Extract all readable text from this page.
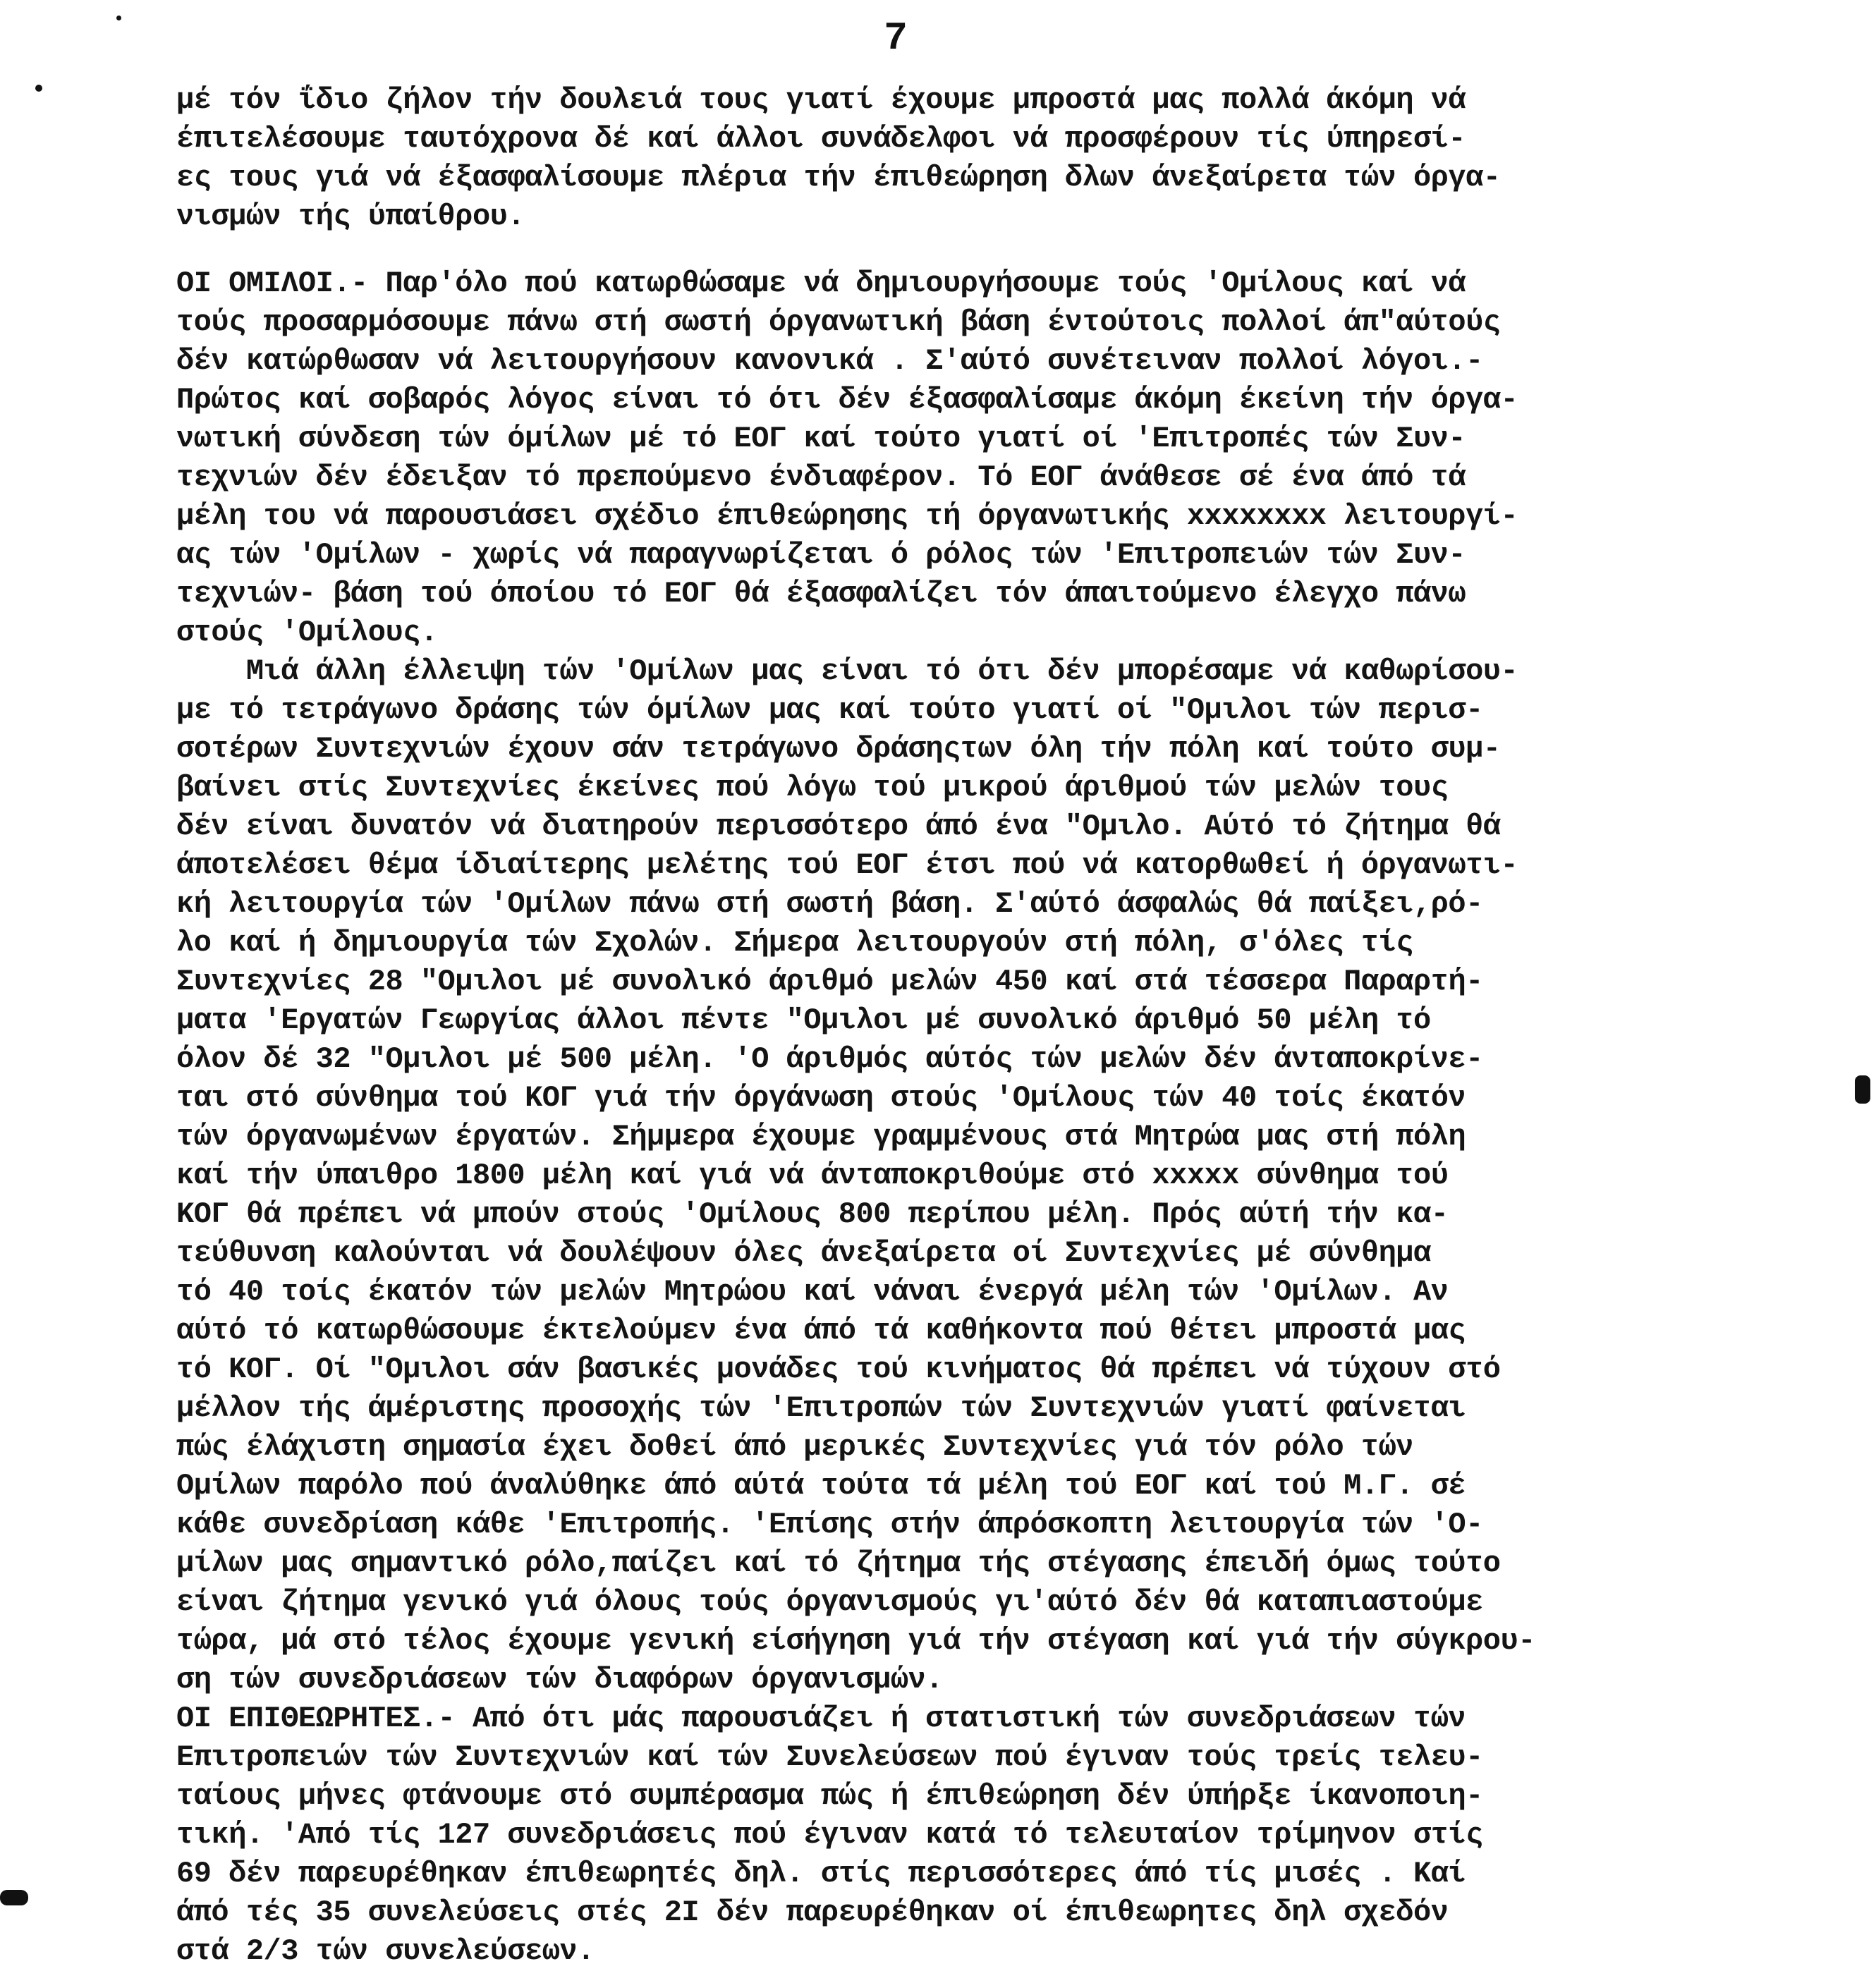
7
μέ τόν ΐδιο ζήλον τήν δουλειά τους γιατί έχουμε μπροστά μας πολλά άκόμη νά
έπιτελέσουμε ταυτόχρονα δέ καί άλλοι συνάδελφοι νά προσφέρουν τίς ύπηρεσί-
ες τους γιά νά έξασφαλίσουμε πλέρια τήν έπιθεώρηση δλων άνεξαίρετα τών όργα-
νισμών τής ύπαίθρου.
ΟΙ ΟΜΙΛΟΙ.- Παρ'όλο πού κατωρθώσαμε νά δημιουργήσουμε τούς 'Ομίλους καί νά
τούς προσαρμόσουμε πάνω στή σωστή όργανωτική βάση έντούτοις πολλοί άπ"αύτούς
δέν κατώρθωσαν νά λειτουργήσουν κανονικά . Σ'αύτό συνέτειναν πολλοί λόγοι.-
Πρώτος καί σοβαρός λόγος είναι τό ότι δέν έξασφαλίσαμε άκόμη έκείνη τήν όργα-
νωτική σύνδεση τών όμίλων μέ τό ΕΟΓ καί τούτο γιατί οί 'Επιτροπές τών Συν-
τεχνιών δέν έδειξαν τό πρεπούμενο ένδιαφέρον. Τό ΕΟΓ άνάθεσε σέ ένα άπό τά
μέλη του νά παρουσιάσει σχέδιο έπιθεώρησης τή όργανωτικής xxxxxxxx λειτουργί-
ας τών 'Ομίλων - χωρίς νά παραγνωρίζεται ό ρόλος τών 'Επιτροπειών τών Συν-
τεχνιών- βάση τού όποίου τό ΕΟΓ θά έξασφαλίζει τόν άπαιτούμενο έλεγχο πάνω
στούς 'Ομίλους.
Μιά άλλη έλλειψη τών 'Ομίλων μας είναι τό ότι δέν μπορέσαμε νά καθωρίσου-
με τό τετράγωνο δράσης τών όμίλων μας καί τούτο γιατί οί "Ομιλοι τών περισ-
σοτέρων Συντεχνιών έχουν σάν τετράγωνο δράσηςτων όλη τήν πόλη καί τούτο συμ-
βαίνει στίς Συντεχνίες έκείνες πού λόγω τού μικρού άριθμού τών μελών τους
δέν είναι δυνατόν νά διατηρούν περισσότερο άπό ένα "Ομιλο. Αύτό τό ζήτημα θά
άποτελέσει θέμα ίδιαίτερης μελέτης τού ΕΟΓ έτσι πού νά κατορθωθεί ή όργανωτι-
κή λειτουργία τών 'Ομίλων πάνω στή σωστή βάση. Σ'αύτό άσφαλώς θά παίξει,ρό-
λο καί ή δημιουργία τών Σχολών. Σήμερα λειτουργούν στή πόλη, σ'όλες τίς
Συντεχνίες 28 "Ομιλοι μέ συνολικό άριθμό μελών 450 καί στά τέσσερα Παραρτή-
ματα 'Εργατών Γεωργίας άλλοι πέντε "Ομιλοι μέ συνολικό άριθμό 50 μέλη τό
όλον δέ 32 "Ομιλοι μέ 500 μέλη. 'Ο άριθμός αύτός τών μελών δέν άνταποκρίνε-
ται στό σύνθημα τού ΚΟΓ γιά τήν όργάνωση στούς 'Ομίλους τών 40 τοίς έκατόν
τών όργανωμένων έργατών. Σήμμερα έχουμε γραμμένους στά Μητρώα μας στή πόλη
καί τήν ύπαιθρο 1800 μέλη καί γιά νά άνταποκριθούμε στό xxxxx σύνθημα τού
ΚΟΓ θά πρέπει νά μπούν στούς 'Ομίλους 800 περίπου μέλη. Πρός αύτή τήν κα-
τεύθυνση καλούνται νά δουλέψουν όλες άνεξαίρετα οί Συντεχνίες μέ σύνθημα
τό 40 τοίς έκατόν τών μελών Μητρώου καί νάναι ένεργά μέλη τών 'Ομίλων. Αν
αύτό τό κατωρθώσουμε έκτελούμεν ένα άπό τά καθήκοντα πού θέτει μπροστά μας
τό ΚΟΓ. Οί "Ομιλοι σάν βασικές μονάδες τού κινήματος θά πρέπει νά τύχουν στό
μέλλον τής άμέριστης προσοχής τών 'Επιτροπών τών Συντεχνιών γιατί φαίνεται
πώς έλάχιστη σημασία έχει δοθεί άπό μερικές Συντεχνίες γιά τόν ρόλο τών
Ομίλων παρόλο πού άναλύθηκε άπό αύτά τούτα τά μέλη τού ΕΟΓ καί τού Μ.Γ. σέ
κάθε συνεδρίαση κάθε 'Επιτροπής. 'Επίσης στήν άπρόσκοπτη λειτουργία τών 'Ο-
μίλων μας σημαντικό ρόλο,παίζει καί τό ζήτημα τής στέγασης έπειδή όμως τούτο
είναι ζήτημα γενικό γιά όλους τούς όργανισμούς γι'αύτό δέν θά καταπιαστούμε
τώρα, μά στό τέλος έχουμε γενική είσήγηση γιά τήν στέγαση καί γιά τήν σύγκρου-
ση τών συνεδριάσεων τών διαφόρων όργανισμών.
ΟΙ ΕΠΙΘΕΩΡΗΤΕΣ.- Από ότι μάς παρουσιάζει ή στατιστική τών συνεδριάσεων τών
Επιτροπειών τών Συντεχνιών καί τών Συνελεύσεων πού έγιναν τούς τρείς τελευ-
ταίους μήνες φτάνουμε στό συμπέρασμα πώς ή έπιθεώρηση δέν ύπήρξε ίκανοποιη-
τική. 'Από τίς 127 συνεδριάσεις πού έγιναν κατά τό τελευταίον τρίμηνον στίς
69 δέν παρευρέθηκαν έπιθεωρητές δηλ. στίς περισσότερες άπό τίς μισές . Καί
άπό τές 35 συνελεύσεις στές 2Ι δέν παρευρέθηκαν οί έπιθεωρητες δηλ σχεδόν
στά 2/3 τών συνελεύσεων.
